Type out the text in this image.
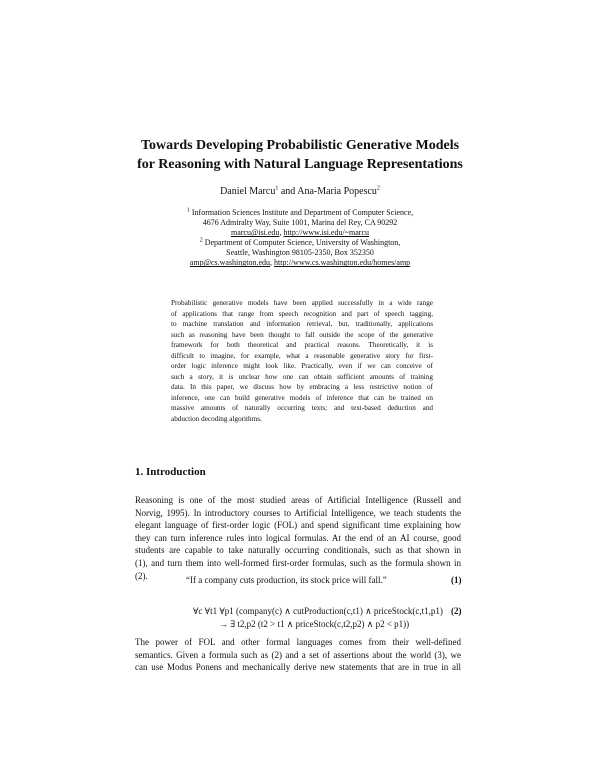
Towards Developing Probabilistic Generative Models
for Reasoning with Natural Language Representations
Daniel Marcu$^1$ and Ana-Maria Popescu$^2$
$^1$ Information Sciences Institute and Department of Computer Science,
4676 Admiralty Way, Suite 1001, Marina del Rey, CA 90292
marcu@isi.edu, http://www.isi.edu/~marcu
$^2$ Department of Computer Science, University of Washington,
Seattle, Washington 98105-2350, Box 352350
amp@cs.washington.edu, http://www.cs.washington.edu/homes/amp
Probabilistic generative models have been applied successfully in a wide range
of applications that range from speech recognition and part of speech tagging,
to machine translation and information retrieval, but, traditionally, applications
such as reasoning have been thought to fall outside the scope of the generative
framework for both theoretical and practical reasons. Theoretically, it is
difficult to imagine, for example, what a reasonable generative story for first-
order logic inference might look like. Practically, even if we can conceive of
such a story, it is unclear how one can obtain sufficient amounts of training
data. In this paper, we discuss how by embracing a less restrictive notion of
inference, one can build generative models of inference that can be trained on
massive amounts of naturally occurring texts; and text-based deduction and
abduction decoding algorithms.
1. Introduction
Reasoning is one of the most studied areas of Artificial Intelligence (Russell and
Norvig, 1995). In introductory courses to Artificial Intelligence, we teach students the
elegant language of first-order logic (FOL) and spend significant time explaining how
they can turn inference rules into logical formulas. At the end of an AI course, good
students are capable to take naturally occurring conditionals, such as that shown in
(1), and turn them into well-formed first-order formulas, such as the formula shown in
(2).	“If a company cuts production, its stock price will fall.”	(1)
∀c ∀t1 ∀p1 (company(c) ∧ cutProduction(c,t1) ∧ priceStock(c,t1,p1)
→ ∃ t2,p2 (t2 > t1 ∧ priceStock(c,t2,p2) ∧ p2 < p1))
(2)
The power of FOL and other formal languages comes from their well-defined
semantics. Given a formula such as (2) and a set of assertions about the world (3), we
can use Modus Ponens and mechanically derive new statements that are in true in all
